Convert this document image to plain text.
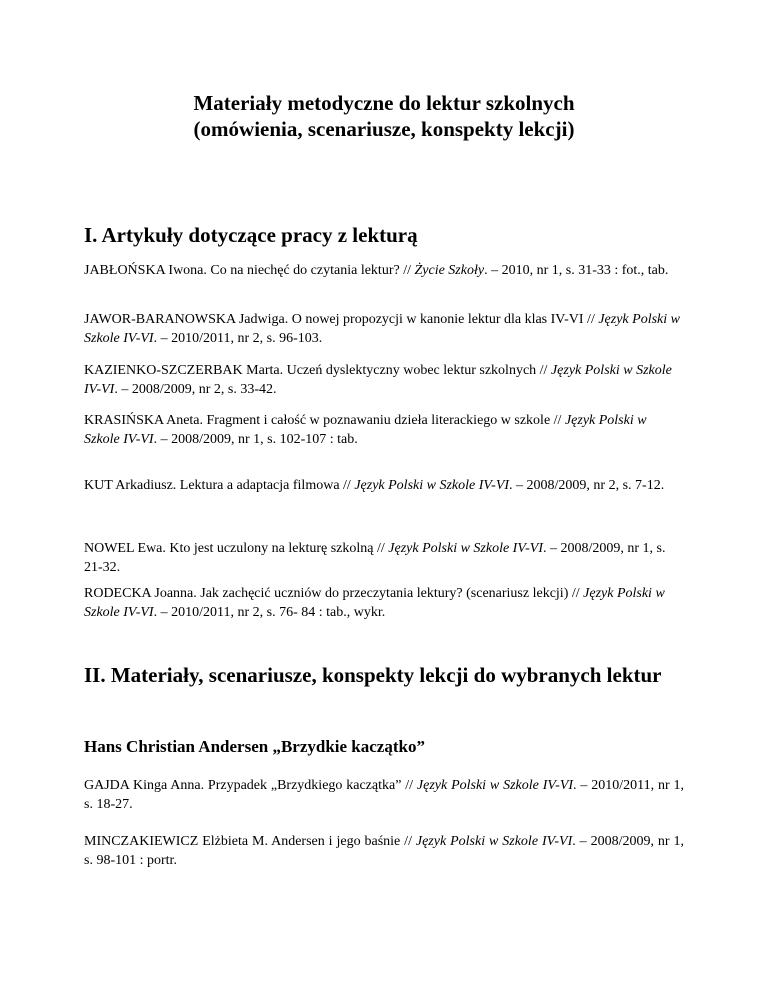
Materiały metodyczne do lektur szkolnych
(omówienia, scenariusze, konspekty lekcji)
I. Artykuły dotyczące pracy z lekturą
JABŁOŃSKA Iwona. Co na niechęć do czytania lektur? // Życie Szkoły. – 2010, nr 1, s. 31-33 : fot., tab.
JAWOR-BARANOWSKA Jadwiga. O nowej propozycji w kanonie lektur dla klas IV-VI // Język Polski w Szkole IV-VI. – 2010/2011, nr 2, s. 96-103.
KAZIENKO-SZCZERBAK Marta. Uczeń dyslektyczny wobec lektur szkolnych // Język Polski w Szkole IV-VI. – 2008/2009, nr 2, s. 33-42.
KRASIŃSKA Aneta. Fragment i całość w poznawaniu dzieła literackiego w szkole // Język Polski w Szkole IV-VI. – 2008/2009, nr 1, s. 102-107 : tab.
KUT Arkadiusz. Lektura a adaptacja filmowa // Język Polski w Szkole IV-VI. – 2008/2009, nr 2, s. 7-12.
NOWEL Ewa. Kto jest uczulony na lekturę szkolną // Język Polski w Szkole IV-VI. – 2008/2009, nr 1, s. 21-32.
RODECKA Joanna. Jak zachęcić uczniów do przeczytania lektury? (scenariusz lekcji) // Język Polski w Szkole IV-VI. – 2010/2011, nr 2, s. 76- 84 : tab., wykr.
II. Materiały, scenariusze, konspekty lekcji do wybranych lektur
Hans Christian Andersen „Brzydkie kaczątko”
GAJDA Kinga Anna. Przypadek „Brzydkiego kaczątka” // Język Polski w Szkole IV-VI. – 2010/2011, nr 1, s. 18-27.
MINCZAKIEWICZ Elżbieta M. Andersen i jego baśnie // Język Polski w Szkole IV-VI. – 2008/2009, nr 1, s. 98-101 : portr.
